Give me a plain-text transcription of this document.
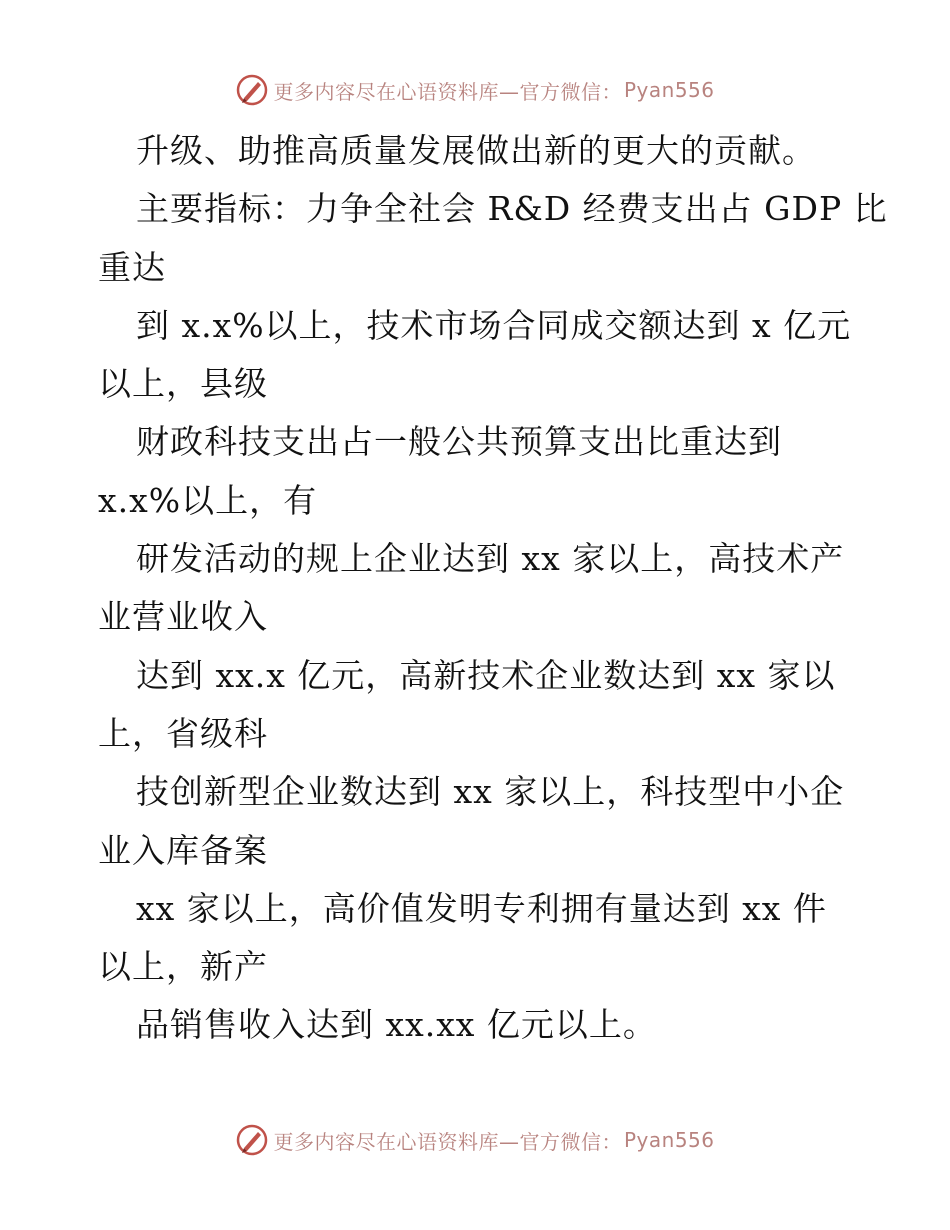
更多内容尽在心语资料库—官方微信： Pyan556
升级、助推高质量发展做出新的更大的贡献。
主要指标：力争全社会 R&D 经费支出占 GDP 比
重达
到 x.x%以上，技术市场合同成交额达到 x 亿元
以上，县级
财政科技支出占一般公共预算支出比重达到
x.x%以上，有
研发活动的规上企业达到 xx 家以上，高技术产
业营业收入
达到 xx.x 亿元，高新技术企业数达到 xx 家以
上，省级科
技创新型企业数达到 xx 家以上，科技型中小企
业入库备案
xx 家以上，高价值发明专利拥有量达到 xx 件
以上，新产
品销售收入达到 xx.xx 亿元以上。
更多内容尽在心语资料库—官方微信： Pyan556
